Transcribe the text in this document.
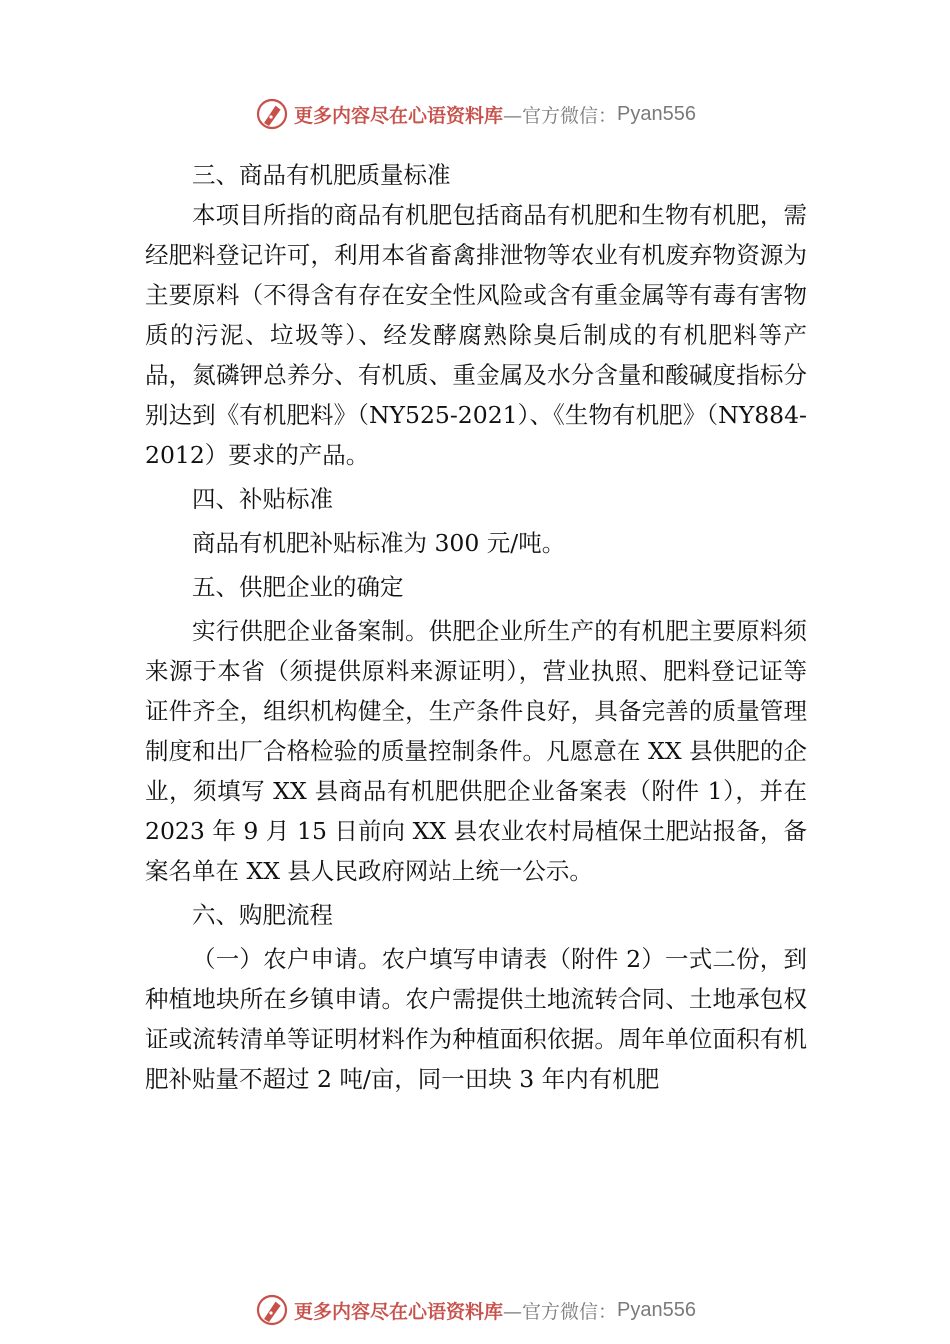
更多内容尽在心语资料库 —官方微信： Pyan556

三、商品有机肥质量标准

本项目所指的商品有机肥包括商品有机肥和生物有机肥，需经肥料登记许可，利用本省畜禽排泄物等农业有机废弃物资源为主要原料（不得含有存在安全性风险或含有重金属等有毒有害物质的污泥、垃圾等）、经发酵腐熟除臭后制成的有机肥料等产品，氮磷钾总养分、有机质、重金属及水分含量和酸碱度指标分别达到《有机肥料》（NY525-2021）、《生物有机肥》（NY884-2012）要求的产品。

四、补贴标准

商品有机肥补贴标准为 300 元/吨。

五、供肥企业的确定

实行供肥企业备案制。供肥企业所生产的有机肥主要原料须来源于本省（须提供原料来源证明），营业执照、肥料登记证等证件齐全，组织机构健全，生产条件良好，具备完善的质量管理制度和出厂合格检验的质量控制条件。凡愿意在 XX 县供肥的企业，须填写 XX 县商品有机肥供肥企业备案表（附件 1），并在 2023 年 9 月 15 日前向 XX 县农业农村局植保土肥站报备，备案名单在 XX 县人民政府网站上统一公示。

六、购肥流程

（一）农户申请。农户填写申请表（附件 2）一式二份，到种植地块所在乡镇申请。农户需提供土地流转合同、土地承包权证或流转清单等证明材料作为种植面积依据。周年单位面积有机肥补贴量不超过 2 吨/亩，同一田块 3 年内有机肥

更多内容尽在心语资料库 —官方微信： Pyan556
